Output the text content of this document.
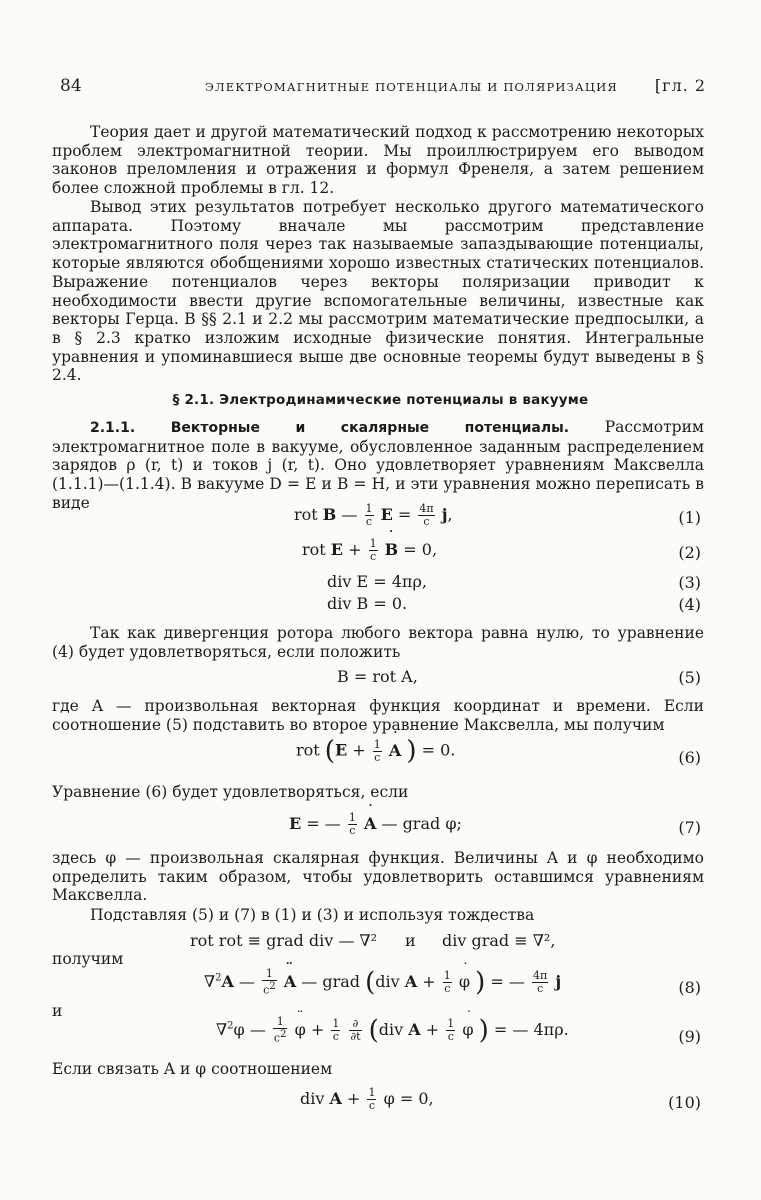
84	ЭЛЕКТРОМАГНИТНЫЕ ПОТЕНЦИАЛЫ И ПОЛЯРИЗАЦИЯ [гл. 2

Теория дает и другой математический подход к рассмотрению некоторых проблем электромагнитной теории. Мы проиллюстрируем его выводом законов преломления и отражения и формул Френеля, а затем решением более сложной проблемы в гл. 12.

Вывод этих результатов потребует несколько другого математического аппарата. Поэтому вначале мы рассмотрим представление электромагнитного поля через так называемые запаздывающие потенциалы, которые являются обобщениями хорошо известных статических потенциалов. Выражение потенциалов через векторы поляризации приводит к необходимости ввести другие вспомогательные величины, известные как векторы Герца. В §§ 2.1 и 2.2 мы рассмотрим математические предпосылки, а в § 2.3 кратко изложим исходные физические понятия. Интегральные уравнения и упоминавшиеся выше две основные теоремы будут выведены в § 2.4.

§ 2.1. Электродинамические потенциалы в вакууме

2.1.1. Векторные и скалярные потенциалы. Рассмотрим электромагнитное поле в вакууме, обусловленное заданным распределением зарядов ρ (r, t) и токов j (r, t). Оно удовлетворяет уравнениям Максвелла (1.1.1)—(1.1.4). В вакууме D = E и B = H, и эти уравнения можно переписать в виде

rot B — $\frac{1}{c}$ $E = \frac{4\pi}{c} j$,	(1)
rot $E + \frac{1}{c}$ B ˙ = 0,	(2)
div E = 4πρ,	(3)
div B = 0.	(4)

Так как дивергенция ротора любого вектора равна нулю, то уравнение (4) будет удовлетворяться, если положить

B = rot A,	(5)

где A — произвольная векторная функция координат и времени. Если соотношение (5) подставить во второе уравнение Максвелла, мы получим

rot ($E + \frac{1}{c}$ A ˙ ) = 0.	(6)
Уравнение (6) будет удовлетворяться, если
E = — $\frac{1}{c}$ A ˙ — grad φ;	(7)

здесь φ — произвольная скалярная функция. Величины A и φ необходимо определить таким образом, чтобы удовлетворить оставшимся уравнениям Максвелла.

Подставляя (5) и (7) в (1) и (3) и используя тождества
rot rot ≡ grad div — ∇² и div grad ≡ ∇²,
получим
∇$^2$A — $\frac{1}{c^2}$ A ¨ — grad (div $A + \frac{1}{c}$ φ ˙ ) = — $\frac{4\pi}{c}$ j	(8)
и
∇$^2$φ — $\frac{1}{c^2}$ φ ¨ + $\frac{1}{c}$
$\frac{\partial}{\partial t} (div$ $A + \frac{1}{c}$ φ ˙ ) = — 4πρ.	(9)
Если связать A и φ соотношением
div $A + \frac{1}{c}$ φ = 0,	(10)
